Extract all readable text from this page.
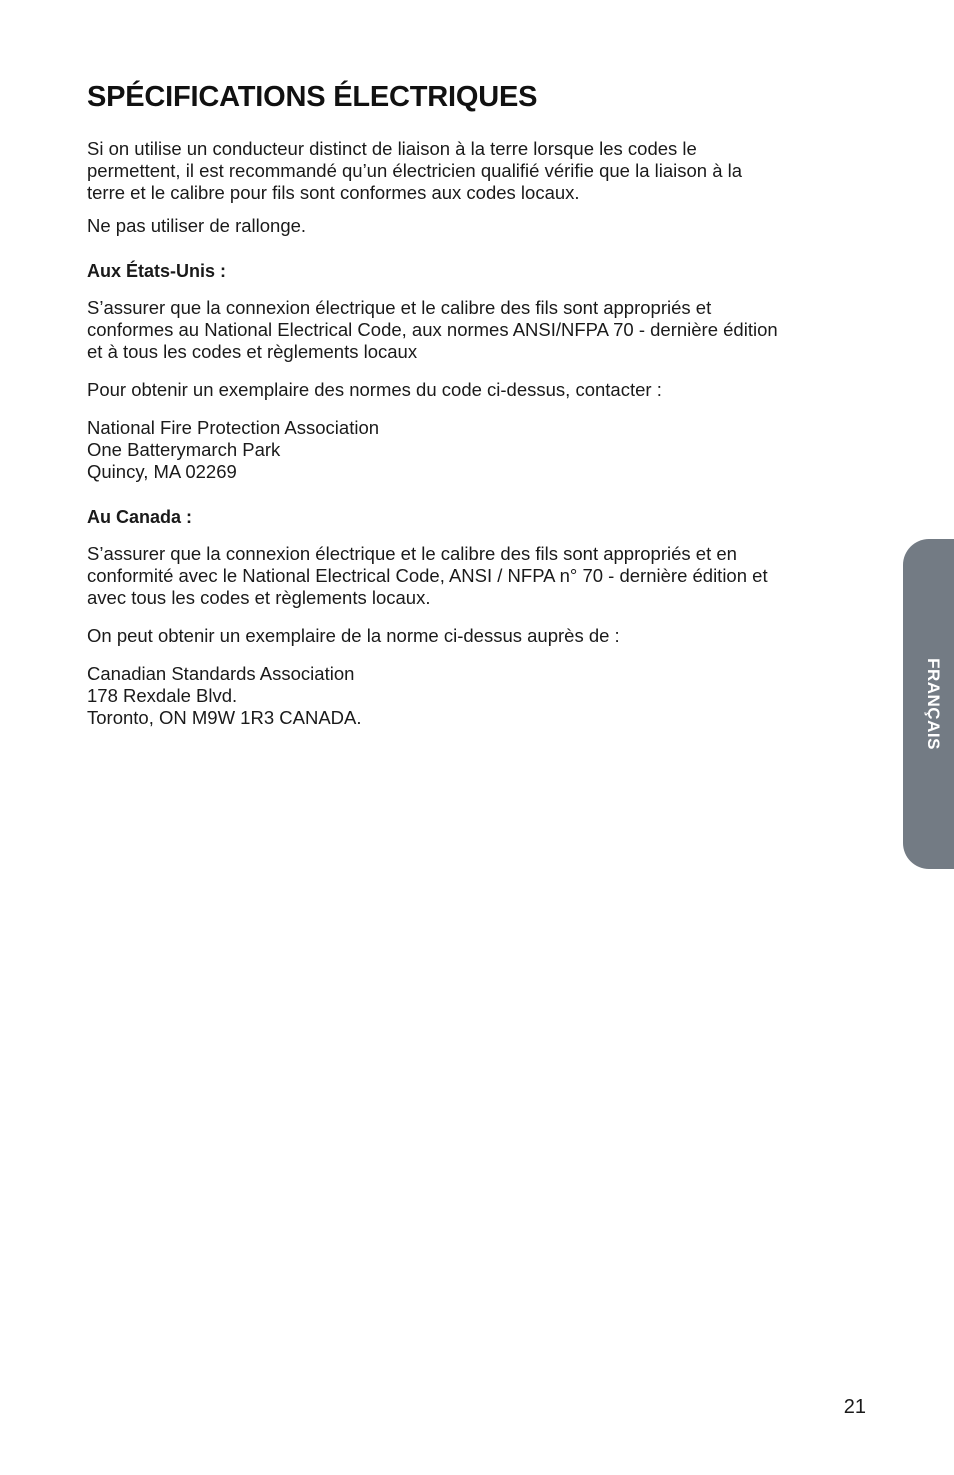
SPÉCIFICATIONS ÉLECTRIQUES

Si on utilise un conducteur distinct de liaison à la terre lorsque les codes le
permettent, il est recommandé qu’un électricien qualifié vérifie que la liaison à la
terre et le calibre pour fils sont conformes aux codes locaux.

Ne pas utiliser de rallonge.

Aux États-Unis :

S’assurer que la connexion électrique et le calibre des fils sont appropriés et
conformes au National Electrical Code, aux normes ANSI/NFPA 70 - dernière édition
et à tous les codes et règlements locaux

Pour obtenir un exemplaire des normes du code ci-dessus, contacter :

National Fire Protection Association
One Batterymarch Park
Quincy, MA 02269

Au Canada :

S’assurer que la connexion électrique et le calibre des fils sont appropriés et en
conformité avec le National Electrical Code, ANSI / NFPA n° 70 - dernière édition et
avec tous les codes et règlements locaux.

On peut obtenir un exemplaire de la norme ci-dessus auprès de :

Canadian Standards Association
178 Rexdale Blvd.
Toronto, ON M9W 1R3 CANADA.	FRANÇAIS
21
